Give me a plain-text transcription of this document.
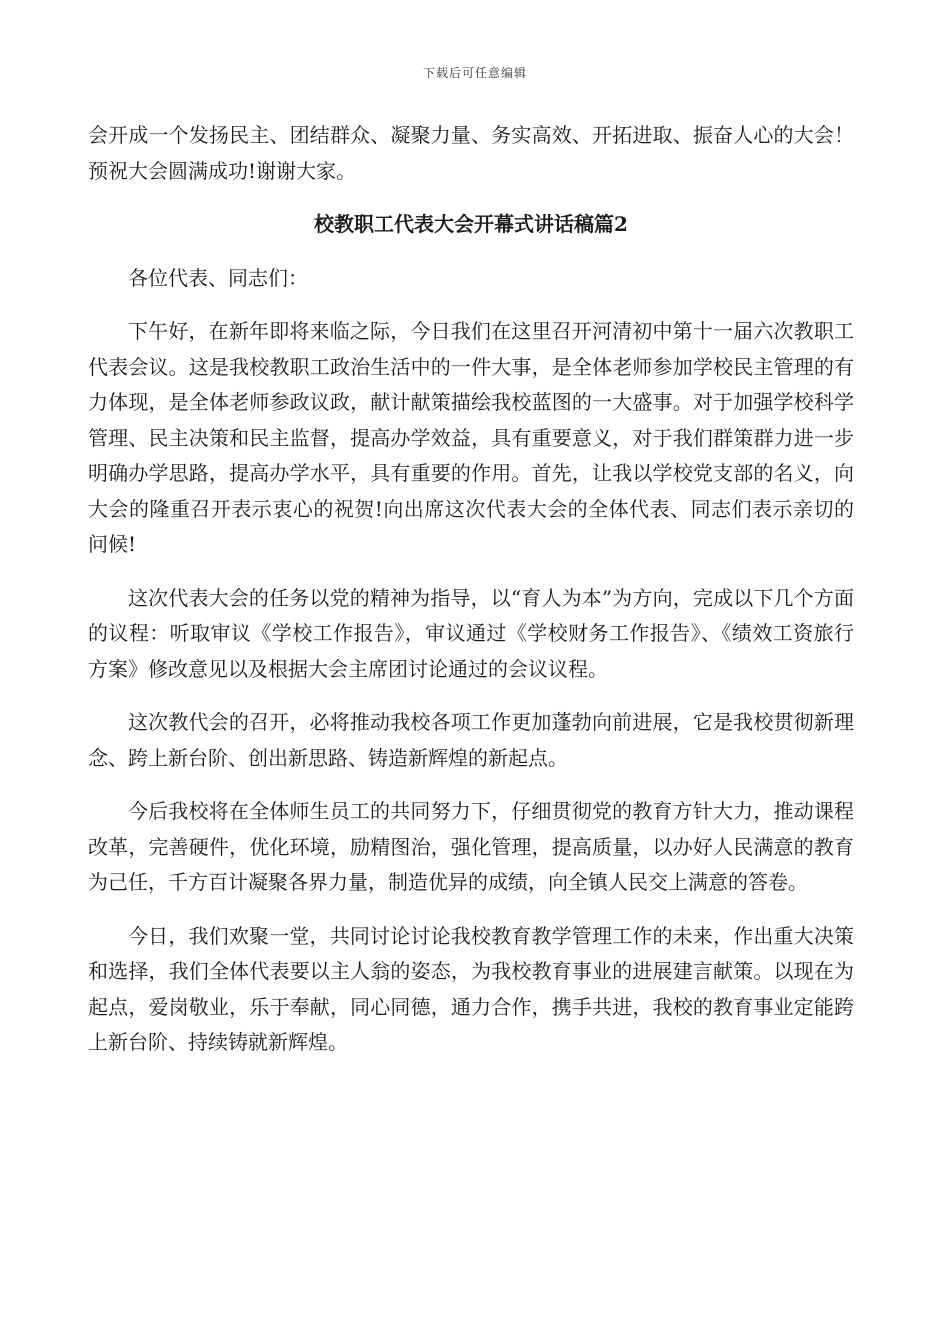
下载后可任意编辑

会开成一个发扬民主、团结群众、凝聚力量、务实高效、开拓进取、振奋人心的大会！预祝大会圆满成功!谢谢大家。

校教职工代表大会开幕式讲话稿篇2

各位代表、同志们：

下午好，在新年即将来临之际，今日我们在这里召开河清初中第十一届六次教职工代表会议。这是我校教职工政治生活中的一件大事，是全体老师参加学校民主管理的有力体现，是全体老师参政议政，献计献策描绘我校蓝图的一大盛事。对于加强学校科学管理、民主决策和民主监督，提高办学效益，具有重要意义，对于我们群策群力进一步明确办学思路，提高办学水平，具有重要的作用。首先，让我以学校党支部的名义，向大会的隆重召开表示衷心的祝贺!向出席这次代表大会的全体代表、同志们表示亲切的问候!

这次代表大会的任务以党的精神为指导，以“育人为本”为方向，完成以下几个方面的议程：听取审议《学校工作报告》，审议通过《学校财务工作报告》、《绩效工资旅行方案》修改意见以及根据大会主席团讨论通过的会议议程。

这次教代会的召开，必将推动我校各项工作更加蓬勃向前进展，它是我校贯彻新理念、跨上新台阶、创出新思路、铸造新辉煌的新起点。

今后我校将在全体师生员工的共同努力下，仔细贯彻党的教育方针大力，推动课程改革，完善硬件，优化环境，励精图治，强化管理，提高质量，以办好人民满意的教育为己任，千方百计凝聚各界力量，制造优异的成绩，向全镇人民交上满意的答卷。

今日，我们欢聚一堂，共同讨论讨论我校教育教学管理工作的未来，作出重大决策和选择，我们全体代表要以主人翁的姿态，为我校教育事业的进展建言献策。以现在为起点，爱岗敬业，乐于奉献，同心同德，通力合作，携手共进，我校的教育事业定能跨上新台阶、持续铸就新辉煌。
